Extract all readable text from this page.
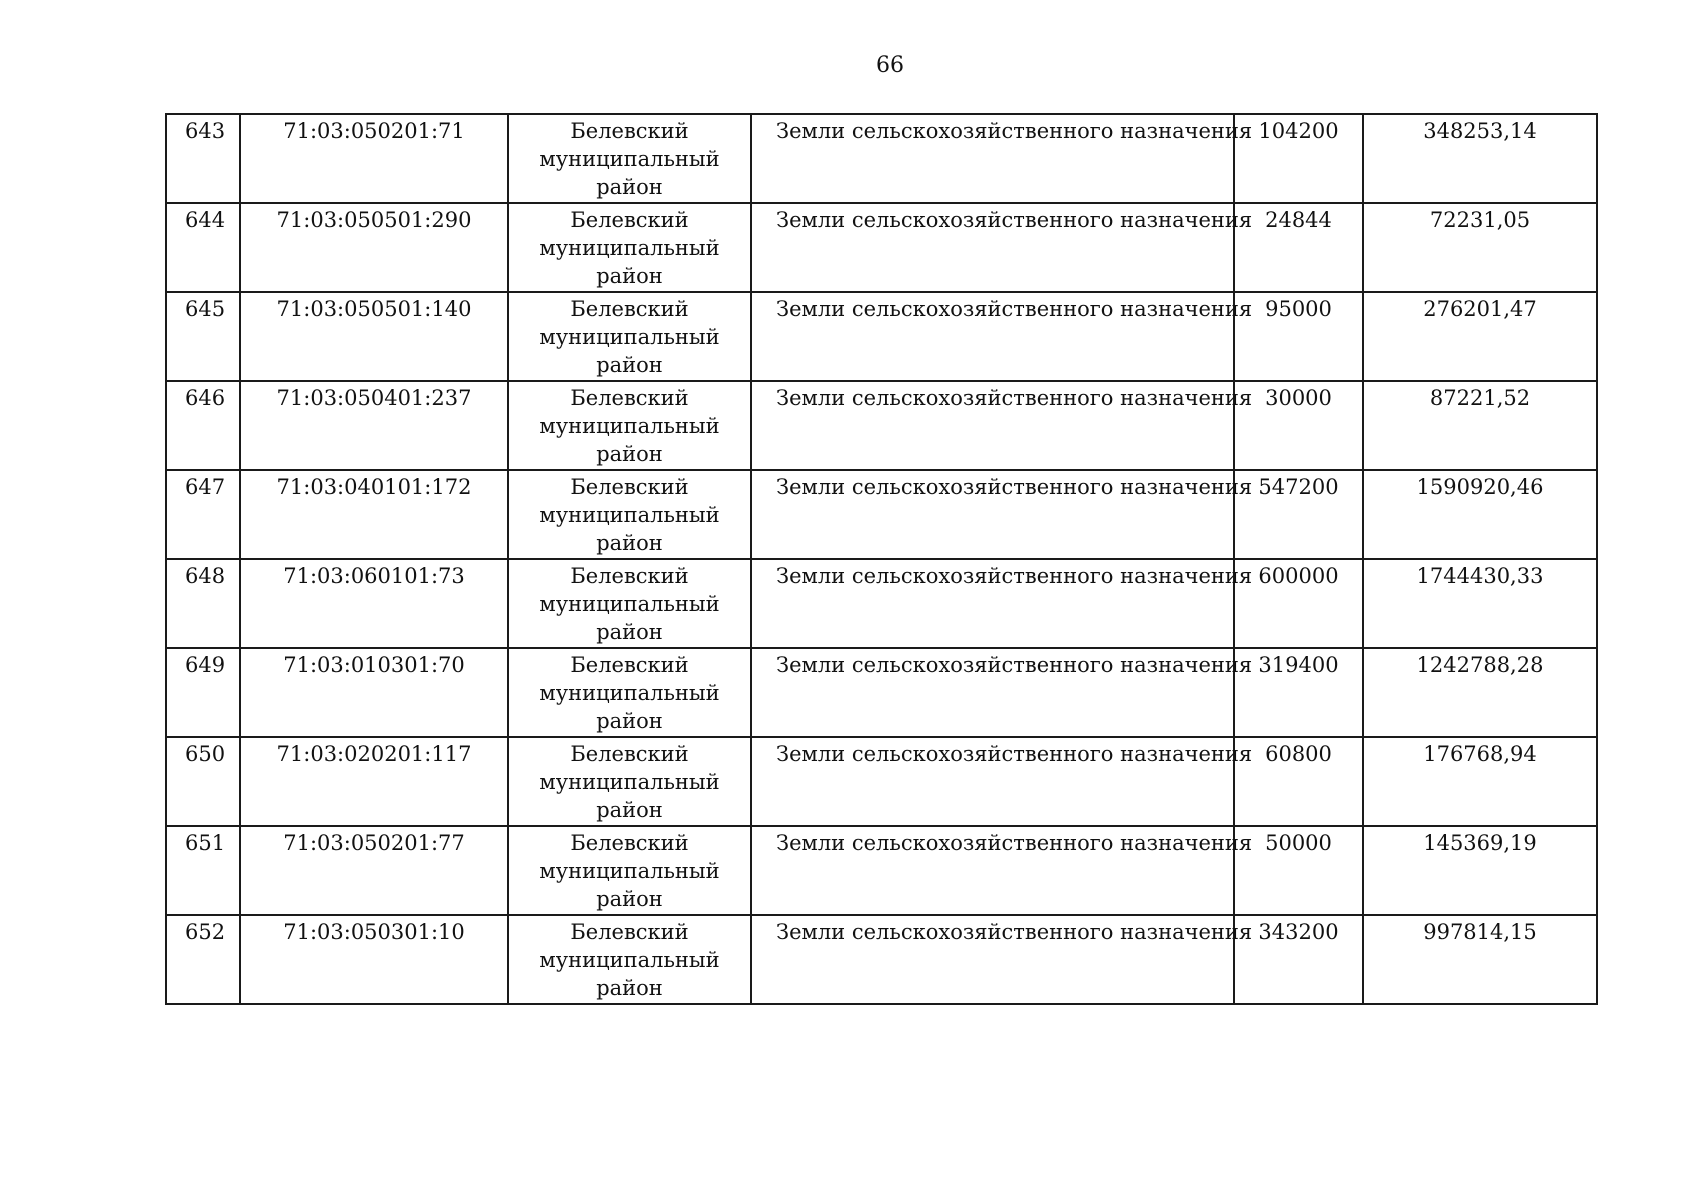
66
643	71:03:050201:71	Белевский муниципальный район	Земли сельскохозяйственного назначения	104200	348253,14
644	71:03:050501:290	Белевский муниципальный район	Земли сельскохозяйственного назначения	24844	72231,05
645	71:03:050501:140	Белевский муниципальный район	Земли сельскохозяйственного назначения	95000	276201,47
646	71:03:050401:237	Белевский муниципальный район	Земли сельскохозяйственного назначения	30000	87221,52
647	71:03:040101:172	Белевский муниципальный район	Земли сельскохозяйственного назначения	547200	1590920,46
648	71:03:060101:73	Белевский муниципальный район	Земли сельскохозяйственного назначения	600000	1744430,33
649	71:03:010301:70	Белевский муниципальный район	Земли сельскохозяйственного назначения	319400	1242788,28
650	71:03:020201:117	Белевский муниципальный район	Земли сельскохозяйственного назначения	60800	176768,94
651	71:03:050201:77	Белевский муниципальный район	Земли сельскохозяйственного назначения	50000	145369,19
652	71:03:050301:10	Белевский муниципальный район	Земли сельскохозяйственного назначения	343200	997814,15
